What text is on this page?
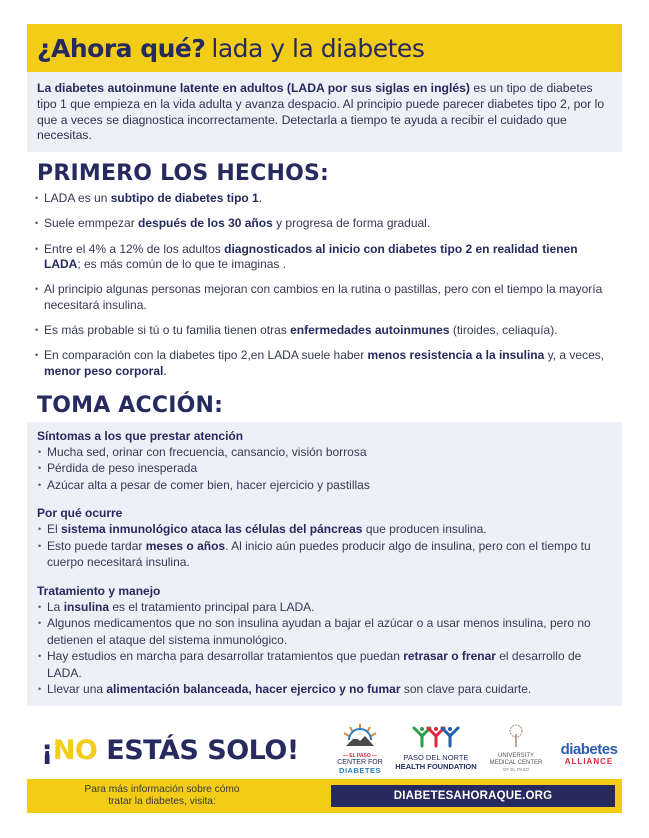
¿Ahora qué? lada y la diabetes
La diabetes autoinmune latente en adultos (LADA por sus siglas en inglés) es un tipo de diabetes tipo 1 que empieza en la vida adulta y avanza despacio. Al principio puede parecer diabetes tipo 2, por lo que a veces se diagnostica incorrectamente. Detectarla a tiempo te ayuda a recibir el cuidado que necesitas.
PRIMERO LOS HECHOS:
• LADA es un subtipo de diabetes tipo 1.
• Suele emmpezar después de los 30 años y progresa de forma gradual.
• Entre el 4% a 12% de los adultos diagnosticados al inicio con diabetes tipo 2 en realidad tienen LADA; es más común de lo que te imaginas .
• Al principio algunas personas mejoran con cambios en la rutina o pastillas, pero con el tiempo la mayoría necesitará insulina.
• Es más probable si tú o tu familia tienen otras enfermedades autoinmunes (tiroides, celiaquía).
• En comparación con la diabetes tipo 2,en LADA suele haber menos resistencia a la insulina y, a veces, menor peso corporal.
TOMA ACCIÓN:
Síntomas a los que prestar atención
• Mucha sed, orinar con frecuencia, cansancio, visión borrosa
• Pérdida de peso inesperada
• Azúcar alta a pesar de comer bien, hacer ejercicio y pastillas
Por qué ocurre
• El sistema inmunológico ataca las células del páncreas que producen insulina.
• Esto puede tardar meses o años. Al inicio aún puedes producir algo de insulina, pero con el tiempo tu cuerpo necesitará insulina.
Tratamiento y manejo
• La insulina es el tratamiento principal para LADA.
• Algunos medicamentos que no son insulina ayudan a bajar el azúcar o a usar menos insulina, pero no detienen el ataque del sistema inmunológico.
• Hay estudios en marcha para desarrollar tratamientos que puedan retrasar o frenar el desarrollo de LADA.
• Llevar una alimentación balanceada, hacer ejercico y no fumar son clave para cuidarte.
¡NO ESTÁS SOLO!	— EL PASO —
CENTER FOR
DIABETES
PASO DEL NORTE
HEALTH FOUNDATION
UNIVERSITY
MEDICAL CENTER
OF EL PASO
diabetes
ALLIANCE
Para más información sobre cómo tratar la diabetes, visita:	DIABETESAHORAQUE.ORG
